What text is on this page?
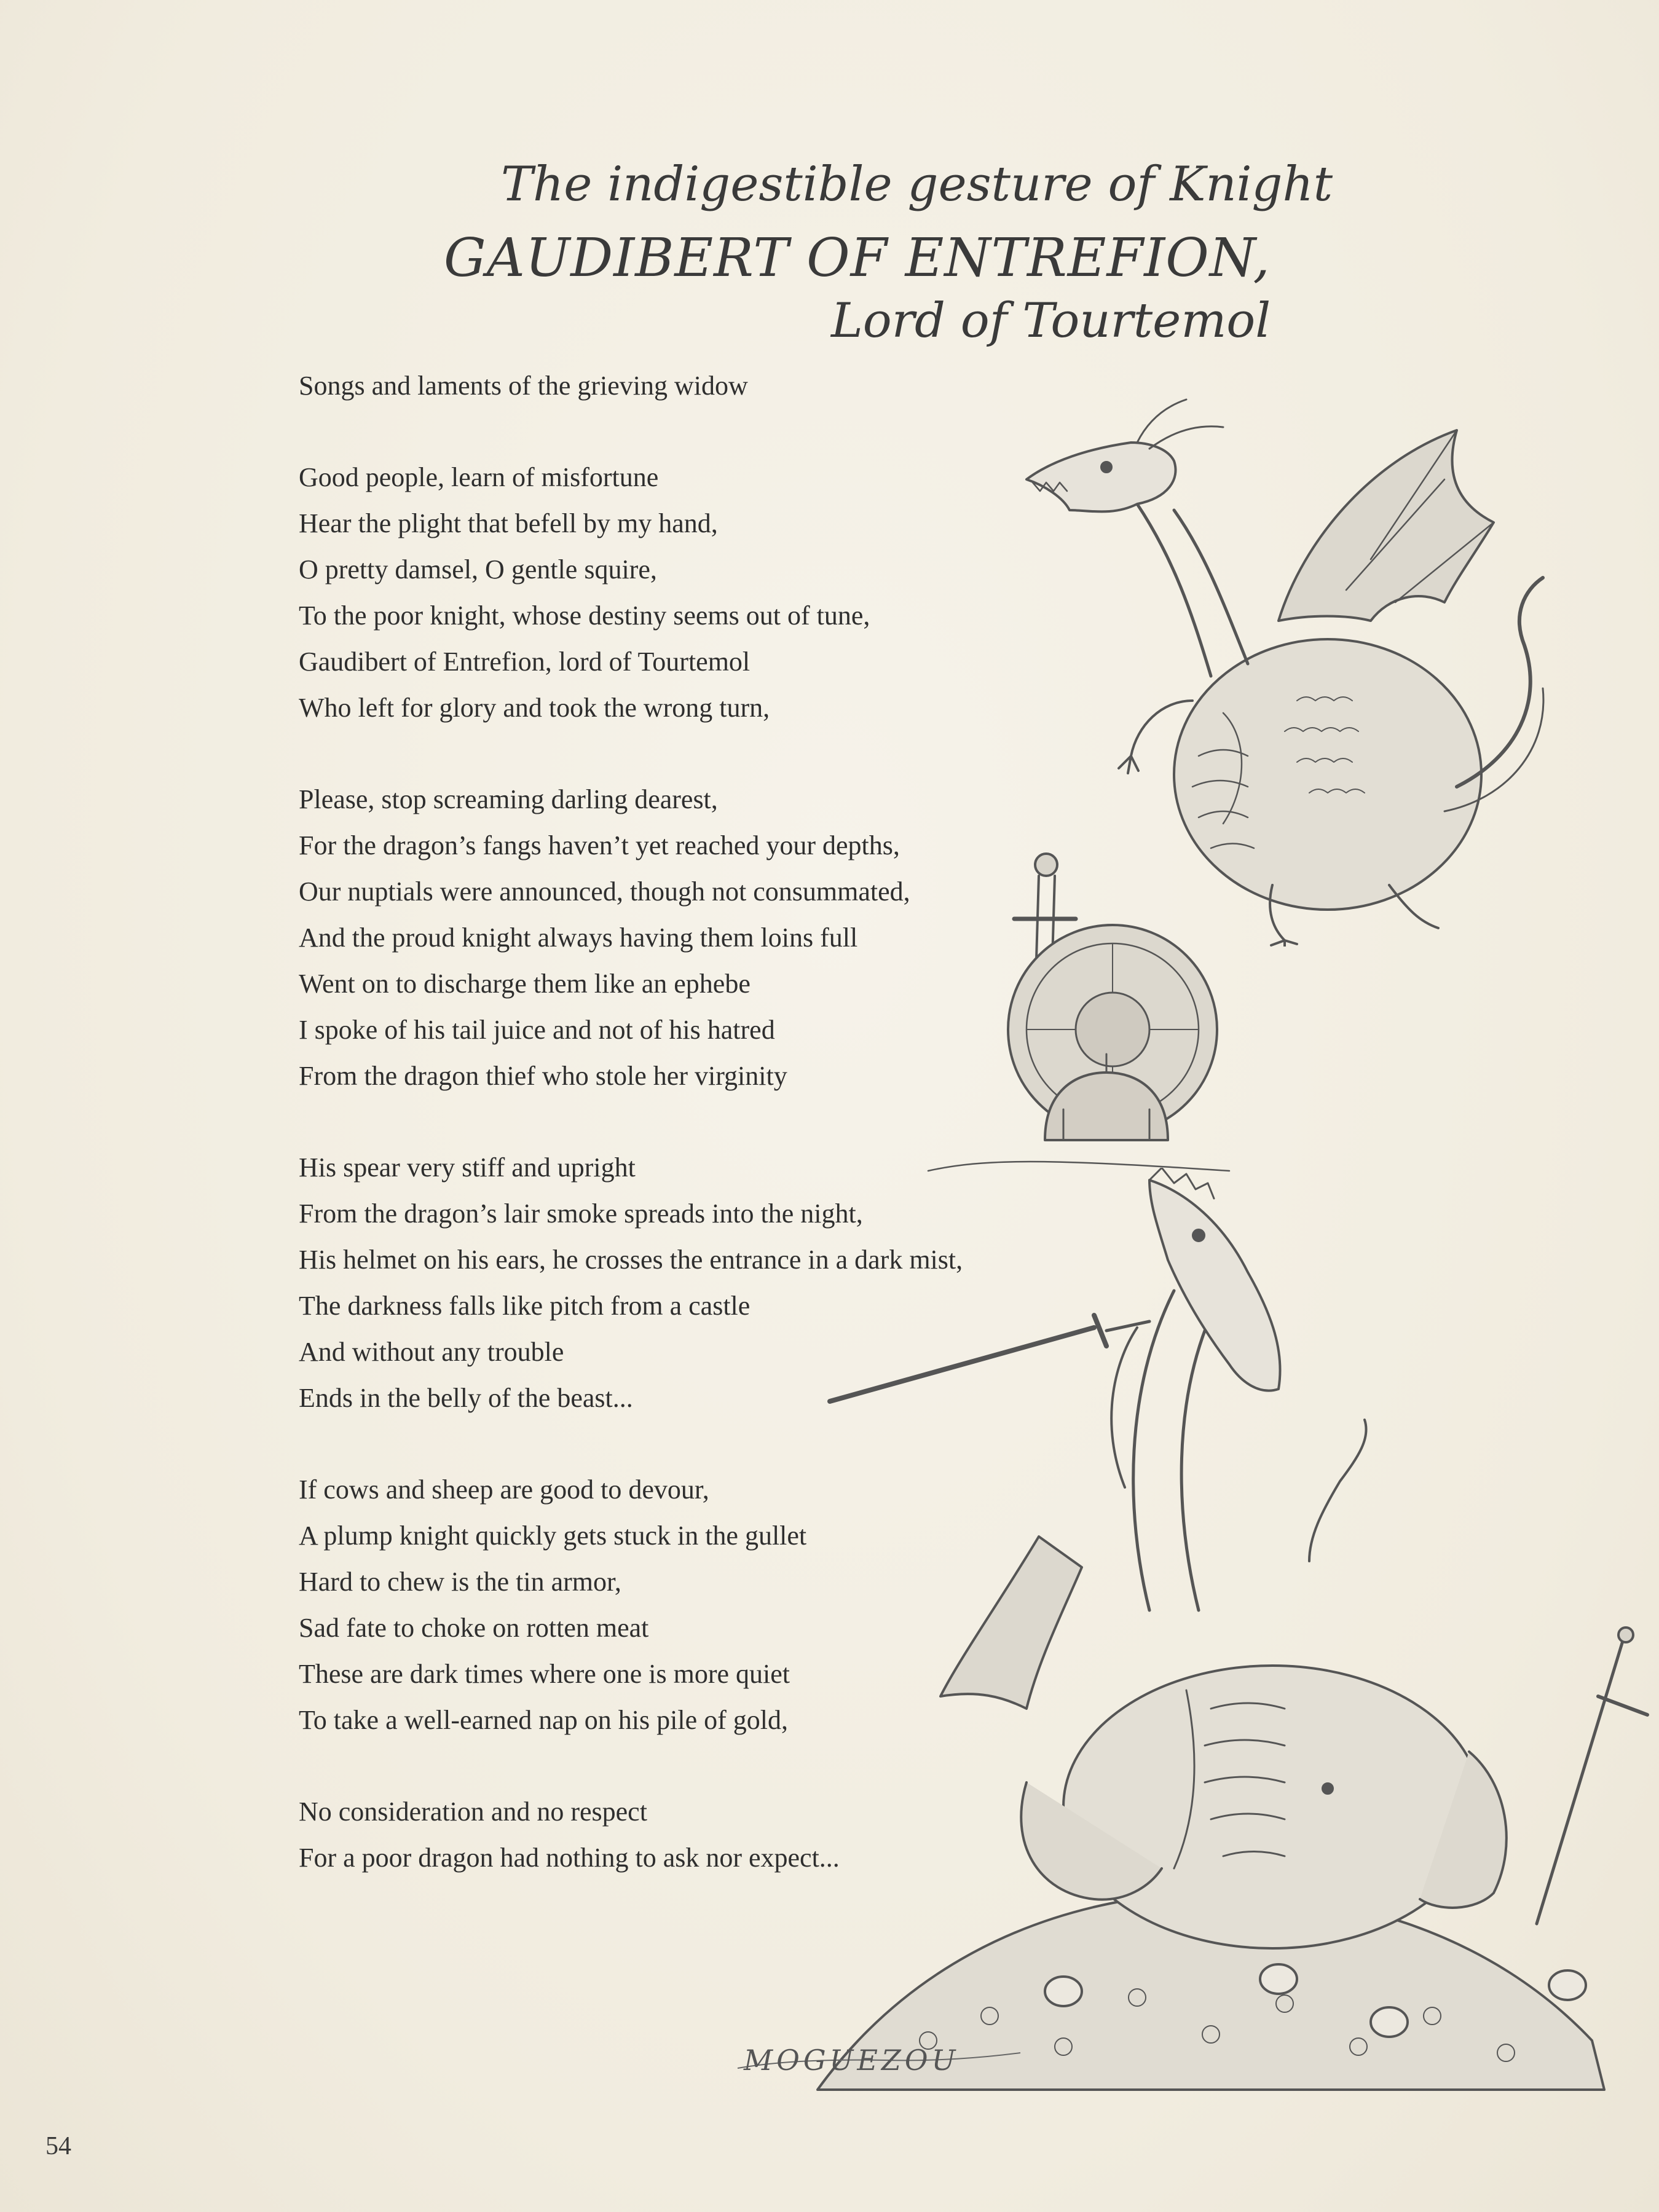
The indigestible gesture of Knight
GAUDIBERT OF ENTREFION,
Lord of Tourtemol
Songs and laments of the grieving widow
Good people, learn of misfortune
Hear the plight that befell by my hand,
O pretty damsel, O gentle squire,
To the poor knight, whose destiny seems out of tune,
Gaudibert of Entrefion, lord of Tourtemol
Who left for glory and took the wrong turn,
Please, stop screaming darling dearest,
For the dragon’s fangs haven’t yet reached your depths,
Our nuptials were announced, though not consummated,
And the proud knight always having them loins full
Went on to discharge them like an ephebe
I spoke of his tail juice and not of his hatred
From the dragon thief who stole her virginity
His spear very stiff and upright
From the dragon’s lair smoke spreads into the night,
His helmet on his ears, he crosses the entrance in a dark mist,
The darkness falls like pitch from a castle
And without any trouble
Ends in the belly of the beast...
If cows and sheep are good to devour,
A plump knight quickly gets stuck in the gullet
Hard to chew is the tin armor,
Sad fate to choke on rotten meat
These are dark times where one is more quiet
To take a well-earned nap on his pile of gold,
No consideration and no respect
For a poor dragon had nothing to ask nor expect...
MOGUEZOU
54
